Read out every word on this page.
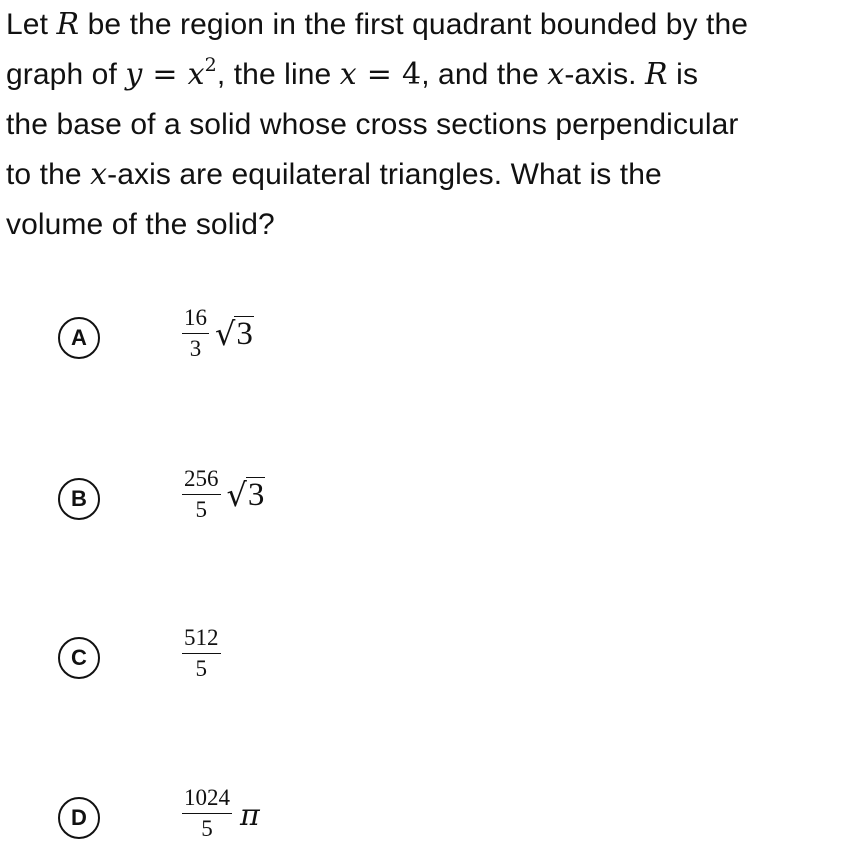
Let R be the region in the first quadrant bounded by the
graph of $y = x^2$, the line x = 4, and the x-axis. R is
the base of a solid whose cross sections perpendicular
to the x-axis are equilateral triangles. What is the
volume of the solid?
A	$\frac{16}{3}$ √ 3
B	$\frac{256}{5}$ √ 3
C	$\frac{512}{5}$
D	$\frac{1024}{5}$ π
